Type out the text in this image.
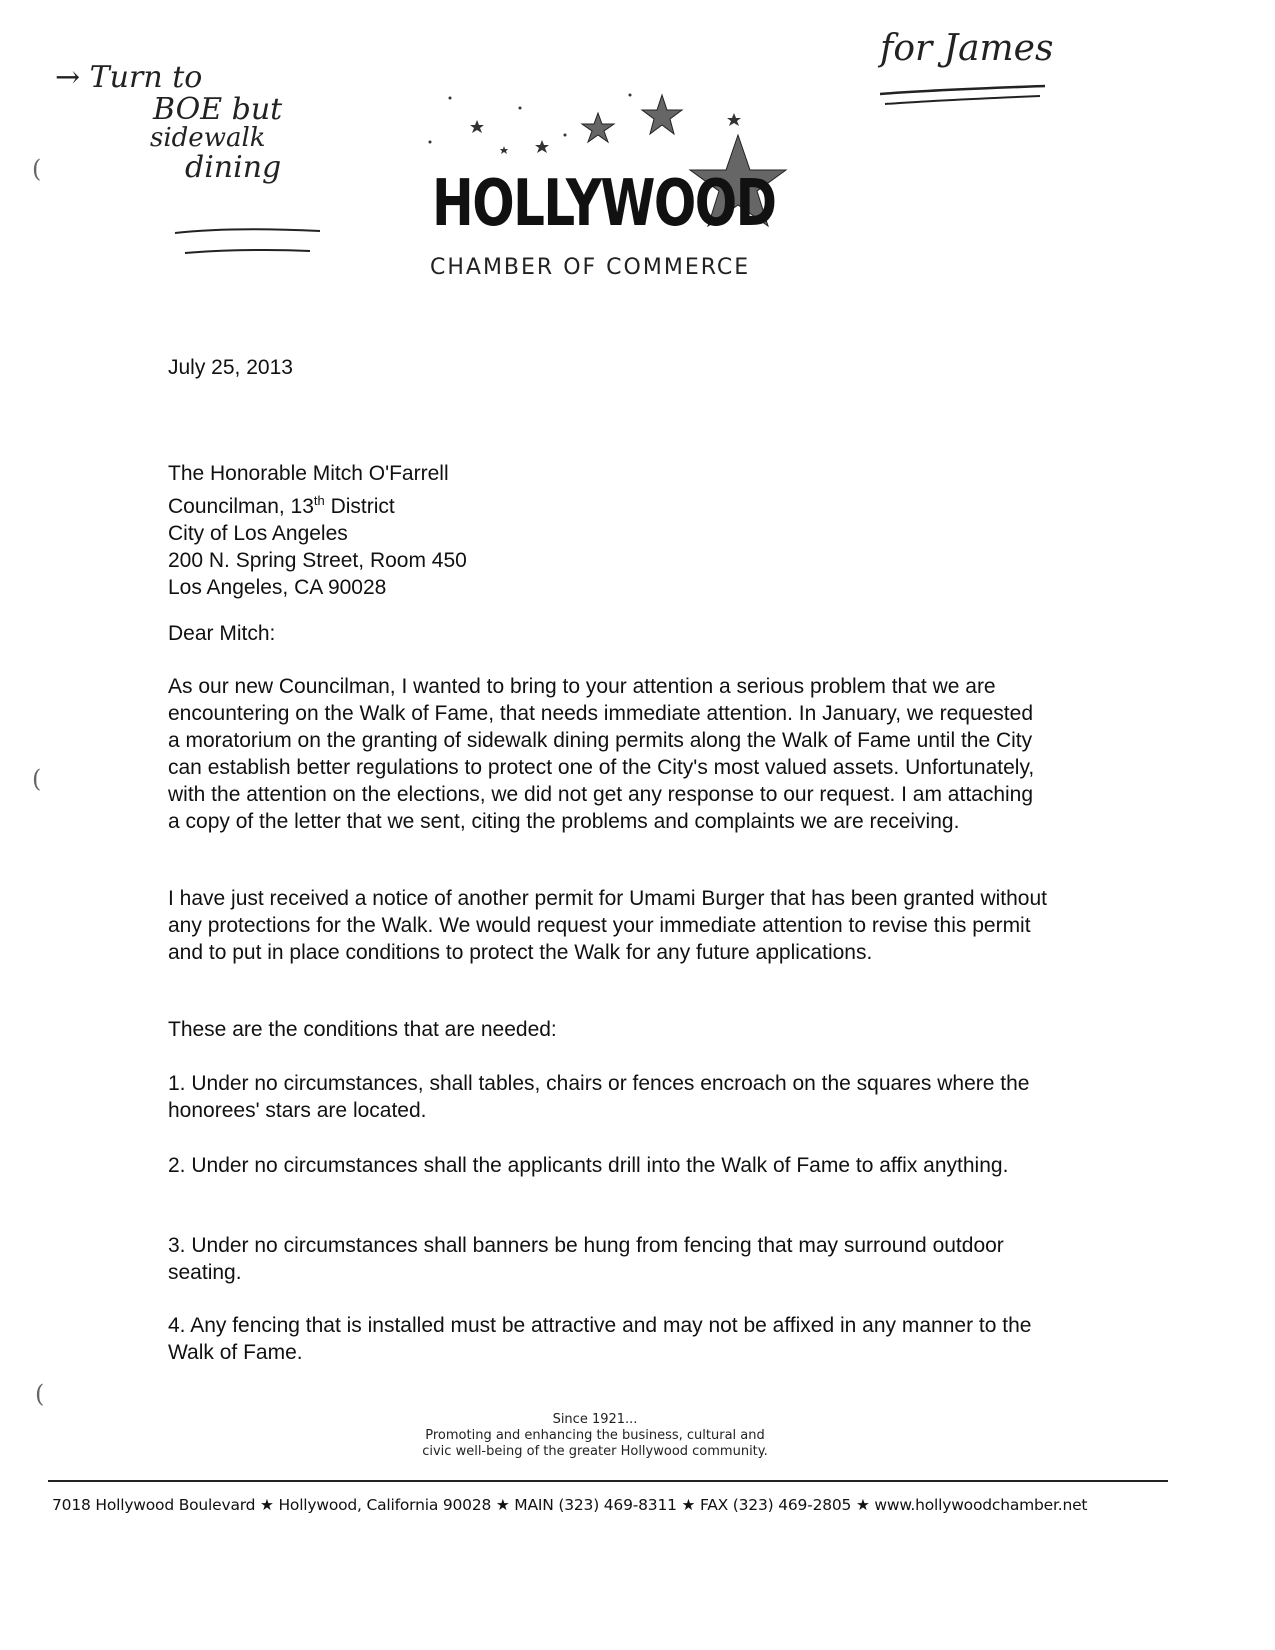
→ Turn to
BOE but
sidewalk
dining
for James
(
(
(
HOLLYWOOD
CHAMBER OF COMMERCE
July 25, 2013
The Honorable Mitch O'Farrell
Councilman, 13th District
City of Los Angeles
200 N. Spring Street, Room 450
Los Angeles, CA 90028
Dear Mitch:
As our new Councilman, I wanted to bring to your attention a serious problem that we are encountering on the Walk of Fame, that needs immediate attention. In January, we requested a moratorium on the granting of sidewalk dining permits along the Walk of Fame until the City can establish better regulations to protect one of the City's most valued assets. Unfortunately, with the attention on the elections, we did not get any response to our request. I am attaching a copy of the letter that we sent, citing the problems and complaints we are receiving.
I have just received a notice of another permit for Umami Burger that has been granted without any protections for the Walk. We would request your immediate attention to revise this permit and to put in place conditions to protect the Walk for any future applications.
These are the conditions that are needed:
1. Under no circumstances, shall tables, chairs or fences encroach on the squares where the honorees' stars are located.
2. Under no circumstances shall the applicants drill into the Walk of Fame to affix anything.
3. Under no circumstances shall banners be hung from fencing that may surround outdoor seating.
4. Any fencing that is installed must be attractive and may not be affixed in any manner to the Walk of Fame.
Since 1921...
Promoting and enhancing the business, cultural and
civic well-being of the greater Hollywood community.
7018 Hollywood Boulevard ★ Hollywood, California 90028 ★ MAIN (323) 469-8311 ★ FAX (323) 469-2805 ★ www.hollywoodchamber.net
